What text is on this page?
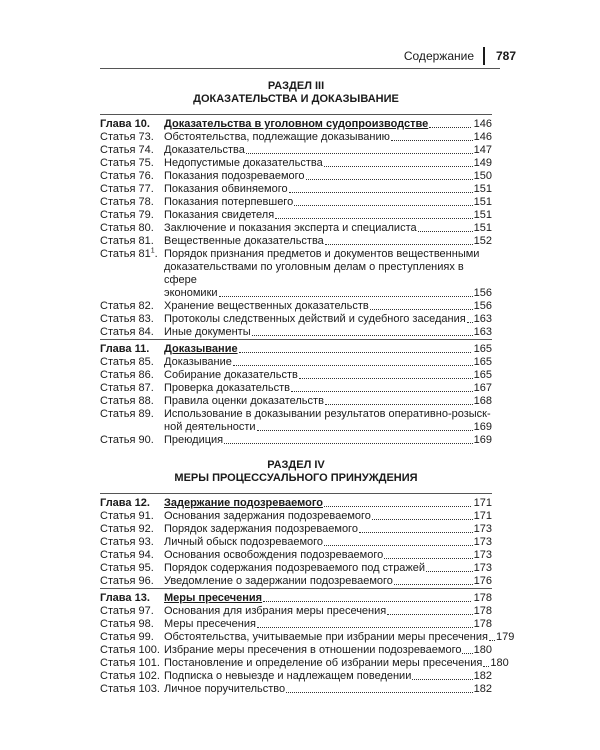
Содержание 787
РАЗДЕЛ III
ДОКАЗАТЕЛЬСТВА И ДОКАЗЫВАНИЕ
Глава 10.	Доказательства в уголовном судопроизводстве	146
Статья 73. Обстоятельства, подлежащие доказыванию	146
Статья 74. Доказательства	147
Статья 75. Недопустимые доказательства	149
Статья 76. Показания подозреваемого	150
Статья 77. Показания обвиняемого	151
Статья 78. Показания потерпевшего	151
Статья 79. Показания свидетеля	151
Статья 80. Заключение и показания эксперта и специалиста	151
Статья 81. Вещественные доказательства	152
Статья $81^1$. Порядок признания предметов и документов вещественными
доказательствами по уголовным делам о преступлениях в сфере
экономики	156
Статья 82. Хранение вещественных доказательств	156
Статья 83. Протоколы следственных действий и судебного заседания 163
Статья 84. Иные документы	163
Глава 11.	Доказывание	165
Статья 85. Доказывание	165
Статья 86. Собирание доказательств	165
Статья 87. Проверка доказательств	167
Статья 88. Правила оценки доказательств	168
Статья 89. Использование в доказывании результатов оперативно-розыск-
ной деятельности	169
Статья 90. Преюдиция	169
РАЗДЕЛ IV
МЕРЫ ПРОЦЕССУАЛЬНОГО ПРИНУЖДЕНИЯ
Глава 12.	Задержание подозреваемого	171
Статья 91. Основания задержания подозреваемого	171
Статья 92. Порядок задержания подозреваемого	173
Статья 93. Личный обыск подозреваемого	173
Статья 94. Основания освобождения подозреваемого	173
Статья 95. Порядок содержания подозреваемого под стражей	173
Статья 96. Уведомление о задержании подозреваемого	176
Глава 13.	Меры пресечения	178
Статья 97. Основания для избрания меры пресечения	178
Статья 98. Меры пресечения	178
Статья 99. Обстоятельства, учитываемые при избрании меры пресечения 179
Статья 100. Избрание меры пресечения в отношении подозреваемого 180
Статья 101. Постановление и определение об избрании меры пресечения 180
Статья 102. Подписка о невыезде и надлежащем поведении	182
Статья 103. Личное поручительство	182
